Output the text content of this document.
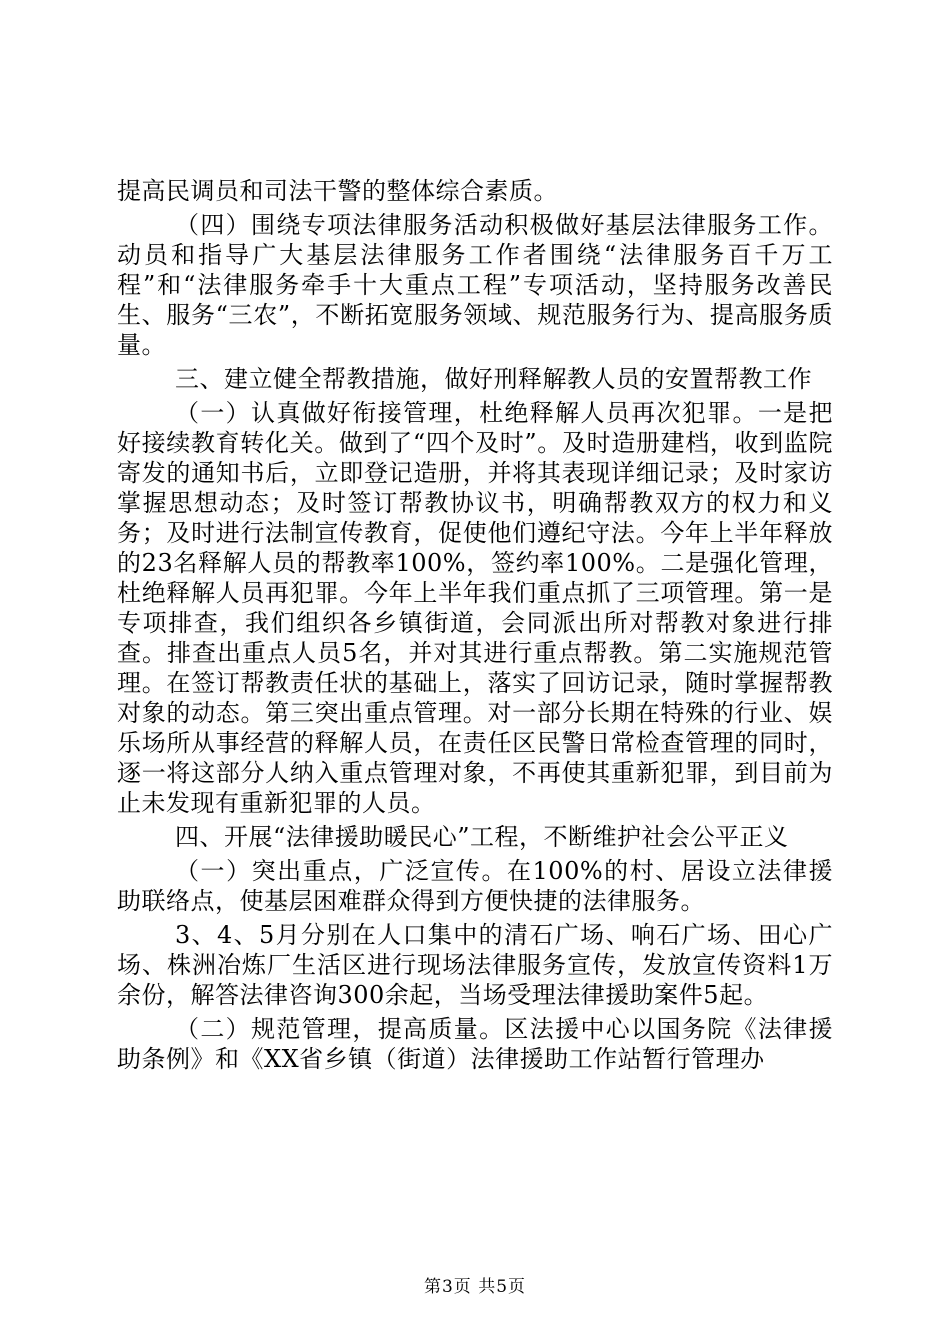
提高民调员和司法干警的整体综合素质。

（四）围绕专项法律服务活动积极做好基层法律服务工作。动员和指导广大基层法律服务工作者围绕“法律服务百千万工程”和“法律服务牵手十大重点工程”专项活动，坚持服务改善民生、服务“三农”，不断拓宽服务领域、规范服务行为、提高服务质量。

三、建立健全帮教措施，做好刑释解教人员的安置帮教工作

（一）认真做好衔接管理，杜绝释解人员再次犯罪。一是把好接续教育转化关。做到了“四个及时”。及时造册建档，收到监院寄发的通知书后，立即登记造册，并将其表现详细记录；及时家访掌握思想动态；及时签订帮教协议书，明确帮教双方的权力和义务；及时进行法制宣传教育，促使他们遵纪守法。今年上半年释放的23名释解人员的帮教率100%，签约率100%。二是强化管理，杜绝释解人员再犯罪。今年上半年我们重点抓了三项管理。第一是专项排查，我们组织各乡镇街道，会同派出所对帮教对象进行排查。排查出重点人员5名，并对其进行重点帮教。第二实施规范管理。在签订帮教责任状的基础上，落实了回访记录，随时掌握帮教对象的动态。第三突出重点管理。对一部分长期在特殊的行业、娱乐场所从事经营的释解人员，在责任区民警日常检查管理的同时，逐一将这部分人纳入重点管理对象，不再使其重新犯罪，到目前为止未发现有重新犯罪的人员。

四、开展“法律援助暖民心”工程，不断维护社会公平正义

（一）突出重点，广泛宣传。在100%的村、居设立法律援助联络点，使基层困难群众得到方便快捷的法律服务。

3、4、5月分别在人口集中的清石广场、响石广场、田心广场、株洲冶炼厂生活区进行现场法律服务宣传，发放宣传资料1万余份，解答法律咨询300余起，当场受理法律援助案件5起。

（二）规范管理，提高质量。区法援中心以国务院《法律援助条例》和《XX省乡镇（街道）法律援助工作站暂行管理办

第3页 共5页
